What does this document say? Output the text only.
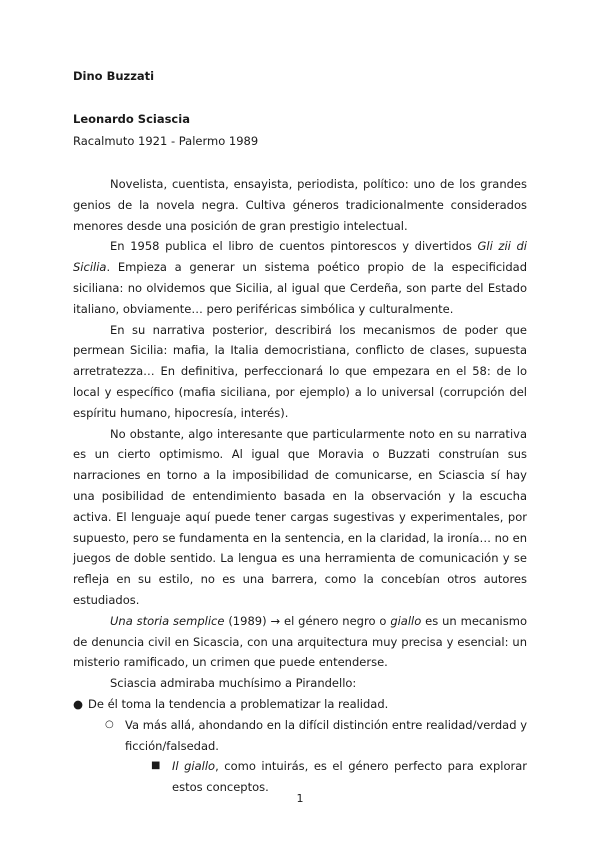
Dino Buzzati

Leonardo Sciascia

Racalmuto 1921 - Palermo 1989

Novelista, cuentista, ensayista, periodista, político: uno de los grandes genios de la novela negra. Cultiva géneros tradicionalmente considerados menores desde una posición de gran prestigio intelectual.

En 1958 publica el libro de cuentos pintorescos y divertidos Gli zii di Sicilia. Empieza a generar un sistema poético propio de la especificidad siciliana: no olvidemos que Sicilia, al igual que Cerdeña, son parte del Estado italiano, obviamente… pero periféricas simbólica y culturalmente.

En su narrativa posterior, describirá los mecanismos de poder que permean Sicilia: mafia, la Italia democristiana, conflicto de clases, supuesta arretratezza… En definitiva, perfeccionará lo que empezara en el 58: de lo local y específico (mafia siciliana, por ejemplo) a lo universal (corrupción del espíritu humano, hipocresía, interés).

No obstante, algo interesante que particularmente noto en su narrativa es un cierto optimismo. Al igual que Moravia o Buzzati construían sus narraciones en torno a la imposibilidad de comunicarse, en Sciascia sí hay una posibilidad de entendimiento basada en la observación y la escucha activa. El lenguaje aquí puede tener cargas sugestivas y experimentales, por supuesto, pero se fundamenta en la sentencia, en la claridad, la ironía… no en juegos de doble sentido. La lengua es una herramienta de comunicación y se refleja en su estilo, no es una barrera, como la concebían otros autores estudiados.

Una storia semplice (1989) → el género negro o giallo es un mecanismo de denuncia civil en Sicascia, con una arquitectura muy precisa y esencial: un misterio ramificado, un crimen que puede entenderse.

Sciascia admiraba muchísimo a Pirandello:

● De él toma la tendencia a problematizar la realidad.
○ Va más allá, ahondando en la difícil distinción entre realidad/verdad y ficción/falsedad.
■ Il giallo, como intuirás, es el género perfecto para explorar estos conceptos.

1
